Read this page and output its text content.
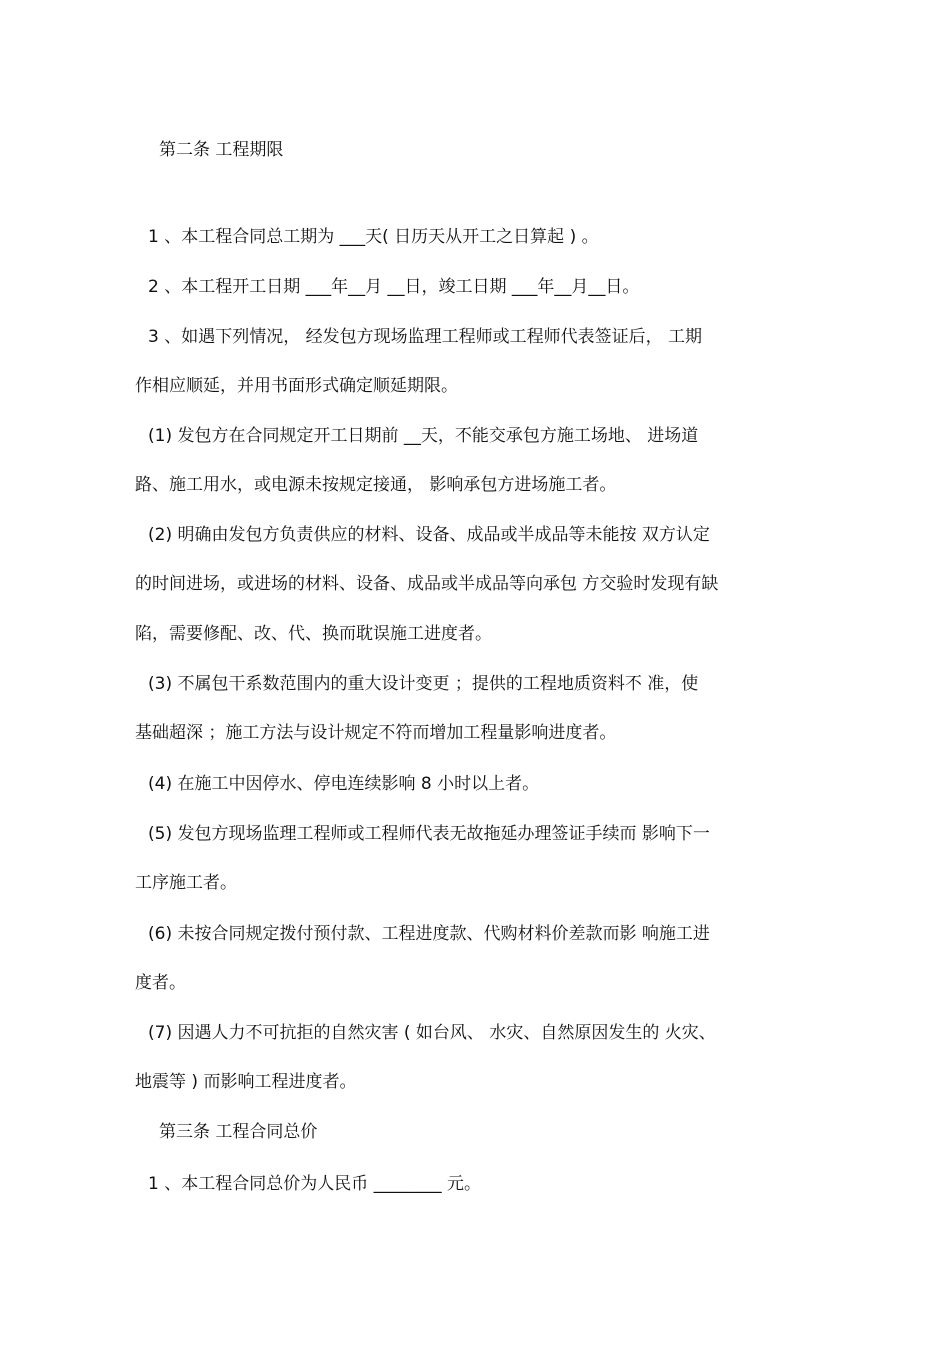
第二条 工程期限
1 、本工程合同总工期为 ___天( 日历天从开工之日算起 ) 。
2 、本工程开工日期 ___年__月 __日，竣工日期 ___年__月__日。
3 、如遇下列情况， 经发包方现场监理工程师或工程师代表签证后， 工期
作相应顺延，并用书面形式确定顺延期限。
(1) 发包方在合同规定开工日期前 __天，不能交承包方施工场地、 进场道
路、施工用水，或电源未按规定接通， 影响承包方进场施工者。
(2) 明确由发包方负责供应的材料、设备、成品或半成品等未能按 双方认定
的时间进场，或进场的材料、设备、成品或半成品等向承包 方交验时发现有缺
陷，需要修配、改、代、换而耽误施工进度者。
(3) 不属包干系数范围内的重大设计变更 ；提供的工程地质资料不 准，使
基础超深 ；施工方法与设计规定不符而增加工程量影响进度者。
(4) 在施工中因停水、停电连续影响 8 小时以上者。
(5) 发包方现场监理工程师或工程师代表无故拖延办理签证手续而 影响下一
工序施工者。
(6) 未按合同规定拨付预付款、工程进度款、代购材料价差款而影 响施工进
度者。
(7) 因遇人力不可抗拒的自然灾害 ( 如台风、 水灾、自然原因发生的 火灾、
地震等 ) 而影响工程进度者。
第三条 工程合同总价
1 、本工程合同总价为人民币 ________ 元。
